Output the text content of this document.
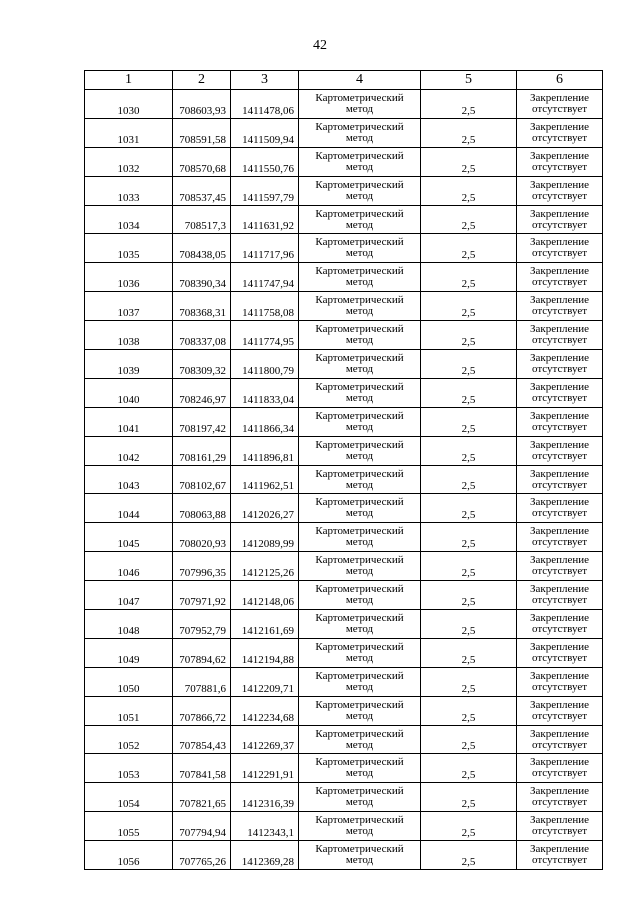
42
1	2	3	4	5	6
1030	708603,93	1411478,06	Картометрический метод	2,5	Закрепление отсутствует
1031	708591,58	1411509,94	Картометрический метод	2,5	Закрепление отсутствует
1032	708570,68	1411550,76	Картометрический метод	2,5	Закрепление отсутствует
1033	708537,45	1411597,79	Картометрический метод	2,5	Закрепление отсутствует
1034	708517,3	1411631,92	Картометрический метод	2,5	Закрепление отсутствует
1035	708438,05	1411717,96	Картометрический метод	2,5	Закрепление отсутствует
1036	708390,34	1411747,94	Картометрический метод	2,5	Закрепление отсутствует
1037	708368,31	1411758,08	Картометрический метод	2,5	Закрепление отсутствует
1038	708337,08	1411774,95	Картометрический метод	2,5	Закрепление отсутствует
1039	708309,32	1411800,79	Картометрический метод	2,5	Закрепление отсутствует
1040	708246,97	1411833,04	Картометрический метод	2,5	Закрепление отсутствует
1041	708197,42	1411866,34	Картометрический метод	2,5	Закрепление отсутствует
1042	708161,29	1411896,81	Картометрический метод	2,5	Закрепление отсутствует
1043	708102,67	1411962,51	Картометрический метод	2,5	Закрепление отсутствует
1044	708063,88	1412026,27	Картометрический метод	2,5	Закрепление отсутствует
1045	708020,93	1412089,99	Картометрический метод	2,5	Закрепление отсутствует
1046	707996,35	1412125,26	Картометрический метод	2,5	Закрепление отсутствует
1047	707971,92	1412148,06	Картометрический метод	2,5	Закрепление отсутствует
1048	707952,79	1412161,69	Картометрический метод	2,5	Закрепление отсутствует
1049	707894,62	1412194,88	Картометрический метод	2,5	Закрепление отсутствует
1050	707881,6	1412209,71	Картометрический метод	2,5	Закрепление отсутствует
1051	707866,72	1412234,68	Картометрический метод	2,5	Закрепление отсутствует
1052	707854,43	1412269,37	Картометрический метод	2,5	Закрепление отсутствует
1053	707841,58	1412291,91	Картометрический метод	2,5	Закрепление отсутствует
1054	707821,65	1412316,39	Картометрический метод	2,5	Закрепление отсутствует
1055	707794,94	1412343,1	Картометрический метод	2,5	Закрепление отсутствует
1056	707765,26	1412369,28	Картометрический метод	2,5	Закрепление отсутствует
